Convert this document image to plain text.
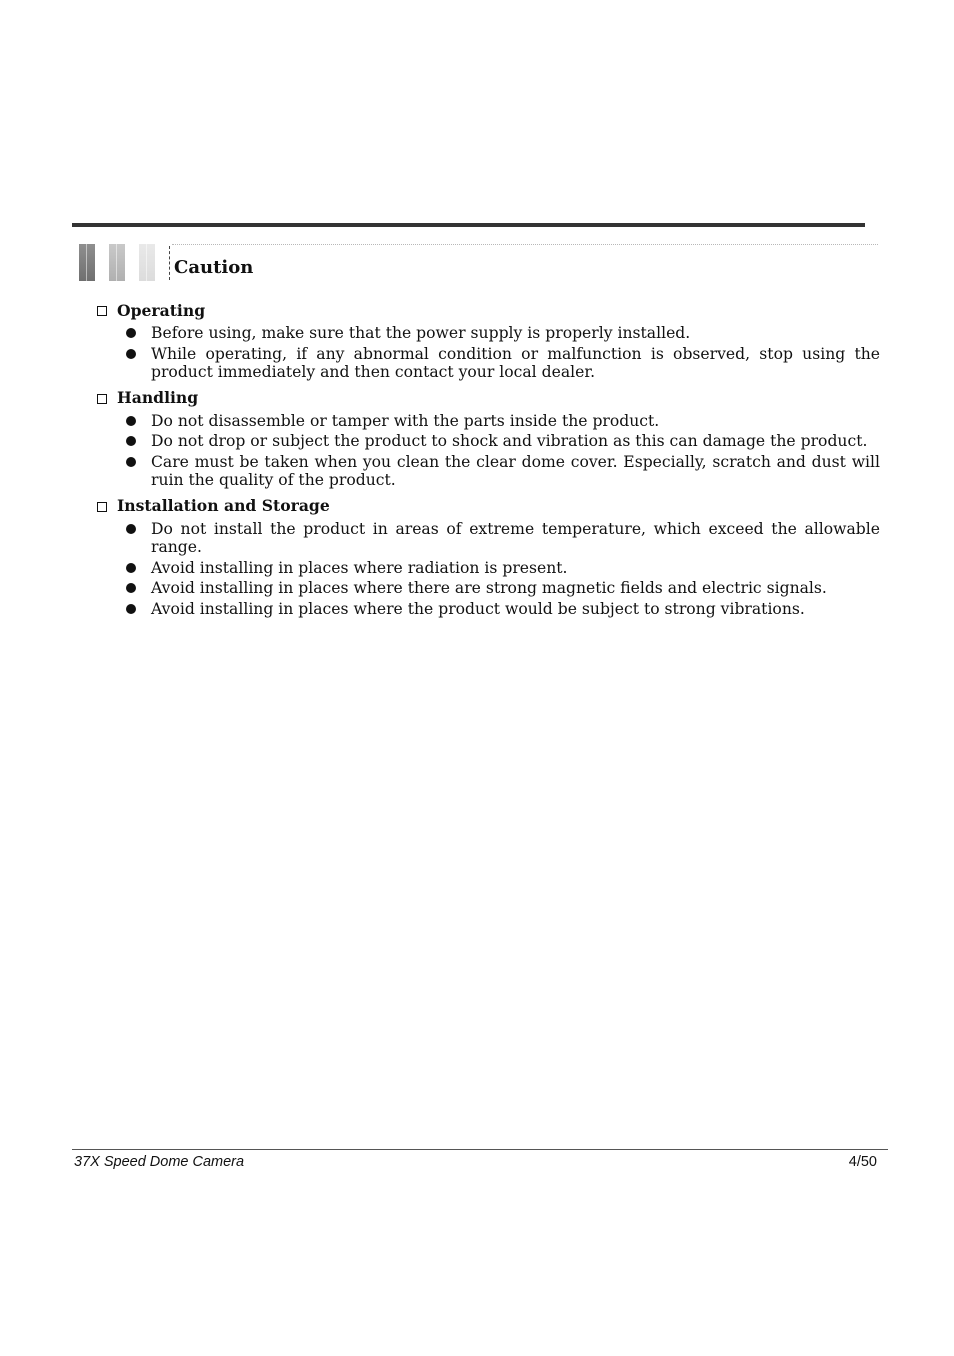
Caution
Operating
Before using, make sure that the power supply is properly installed.
While operating, if any abnormal condition or malfunction is observed, stop using the product immediately and then contact your local dealer.
Handling
Do not disassemble or tamper with the parts inside the product.
Do not drop or subject the product to shock and vibration as this can damage the product.
Care must be taken when you clean the clear dome cover. Especially, scratch and dust will ruin the quality of the product.
Installation and Storage
Do not install the product in areas of extreme temperature, which exceed the allowable range.
Avoid installing in places where radiation is present.
Avoid installing in places where there are strong magnetic fields and electric signals.
Avoid installing in places where the product would be subject to strong vibrations.
37X Speed Dome Camera	4/50
